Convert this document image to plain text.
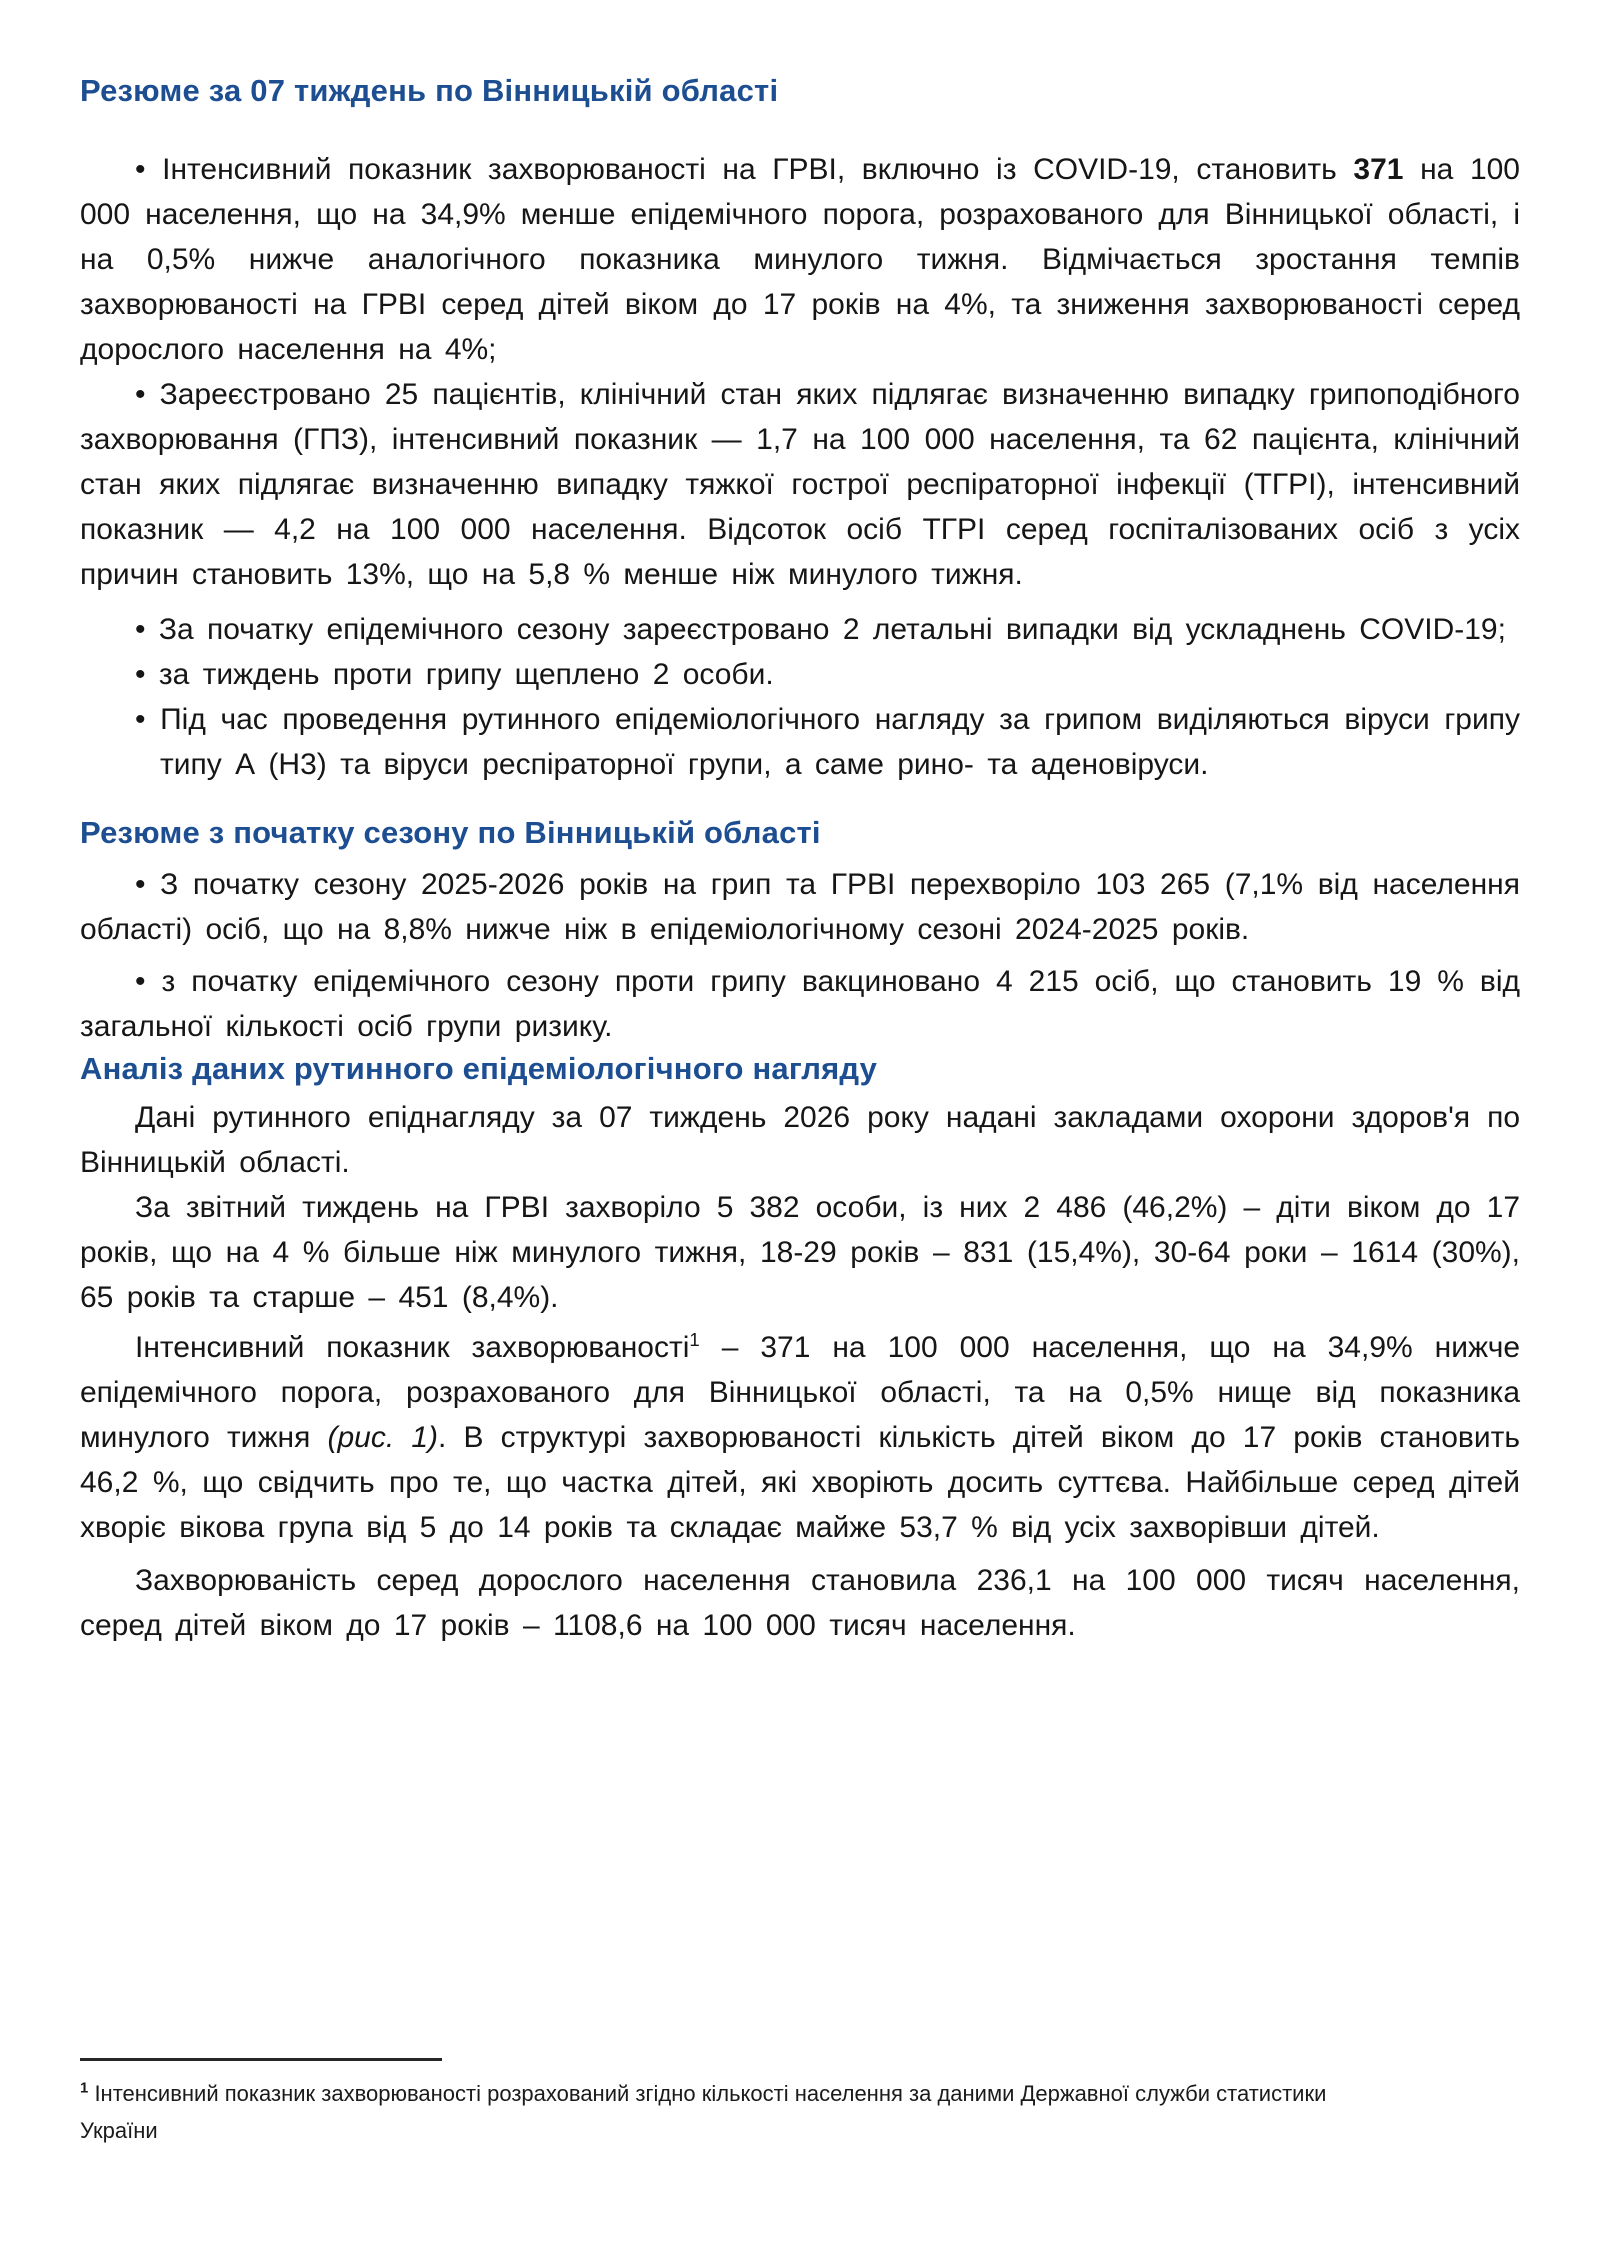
Резюме за 07 тиждень по Вінницькій області

• Інтенсивний показник захворюваності на ГРВІ, включно із COVID-19, становить 371 на 100 000 населення, що на 34,9% менше епідемічного порога, розрахованого для Вінницької області, і на 0,5% нижче аналогічного показника минулого тижня. Відмічається зростання темпів захворюваності на ГРВІ серед дітей віком до 17 років на 4%, та зниження захворюваності серед дорослого населення на 4%;

• Зареєстровано 25 пацієнтів, клінічний стан яких підлягає визначенню випадку грипоподібного захворювання (ГПЗ), інтенсивний показник — 1,7 на 100 000 населення, та 62 пацієнта, клінічний стан яких підлягає визначенню випадку тяжкої гострої респіраторної інфекції (ТГРІ), інтенсивний показник — 4,2 на 100 000 населення. Відсоток осіб ТГРІ серед госпіталізованих осіб з усіх причин становить 13%, що на 5,8 % менше ніж минулого тижня.

• За початку епідемічного сезону зареєстровано 2 летальні випадки від ускладнень COVID-19;

• за тиждень проти грипу щеплено 2 особи.

• Під час проведення рутинного епідеміологічного нагляду за грипом виділяються віруси грипу типу А (Н3) та віруси респіраторної групи, а саме рино- та аденовіруси.

Резюме з початку сезону по Вінницькій області

• З початку сезону 2025-2026 років на грип та ГРВІ перехворіло 103 265 (7,1% від населення області) осіб, що на 8,8% нижче ніж в епідеміологічному сезоні 2024-2025 років.

• з початку епідемічного сезону проти грипу вакциновано 4 215 осіб, що становить 19 % від загальної кількості осіб групи ризику.

Аналіз даних рутинного епідеміологічного нагляду

Дані рутинного епіднагляду за 07 тиждень 2026 року надані закладами охорони здоров'я по Вінницькій області.

За звітний тиждень на ГРВІ захворіло 5 382 особи, із них 2 486 (46,2%) – діти віком до 17 років, що на 4 % більше ніж минулого тижня, 18-29 років – 831 (15,4%), 30-64 роки – 1614 (30%), 65 років та старше – 451 (8,4%).

Інтенсивний показник захворюваності$^1$ – 371 на 100 000 населення, що на 34,9% нижче епідемічного порога, розрахованого для Вінницької області, та на 0,5% нище від показника минулого тижня (рис. 1). В структурі захворюваності кількість дітей віком до 17 років становить 46,2 %, що свідчить про те, що частка дітей, які хворіють досить суттєва. Найбільше серед дітей хворіє вікова група від 5 до 14 років та складає майже 53,7 % від усіх захворівши дітей.

Захворюваність серед дорослого населення становила 236,1 на 100 000 тисяч населення, серед дітей віком до 17 років – 1108,6 на 100 000 тисяч населення.

$^1$ Інтенсивний показник захворюваності розрахований згідно кількості населення за даними Державної служби статистики України
